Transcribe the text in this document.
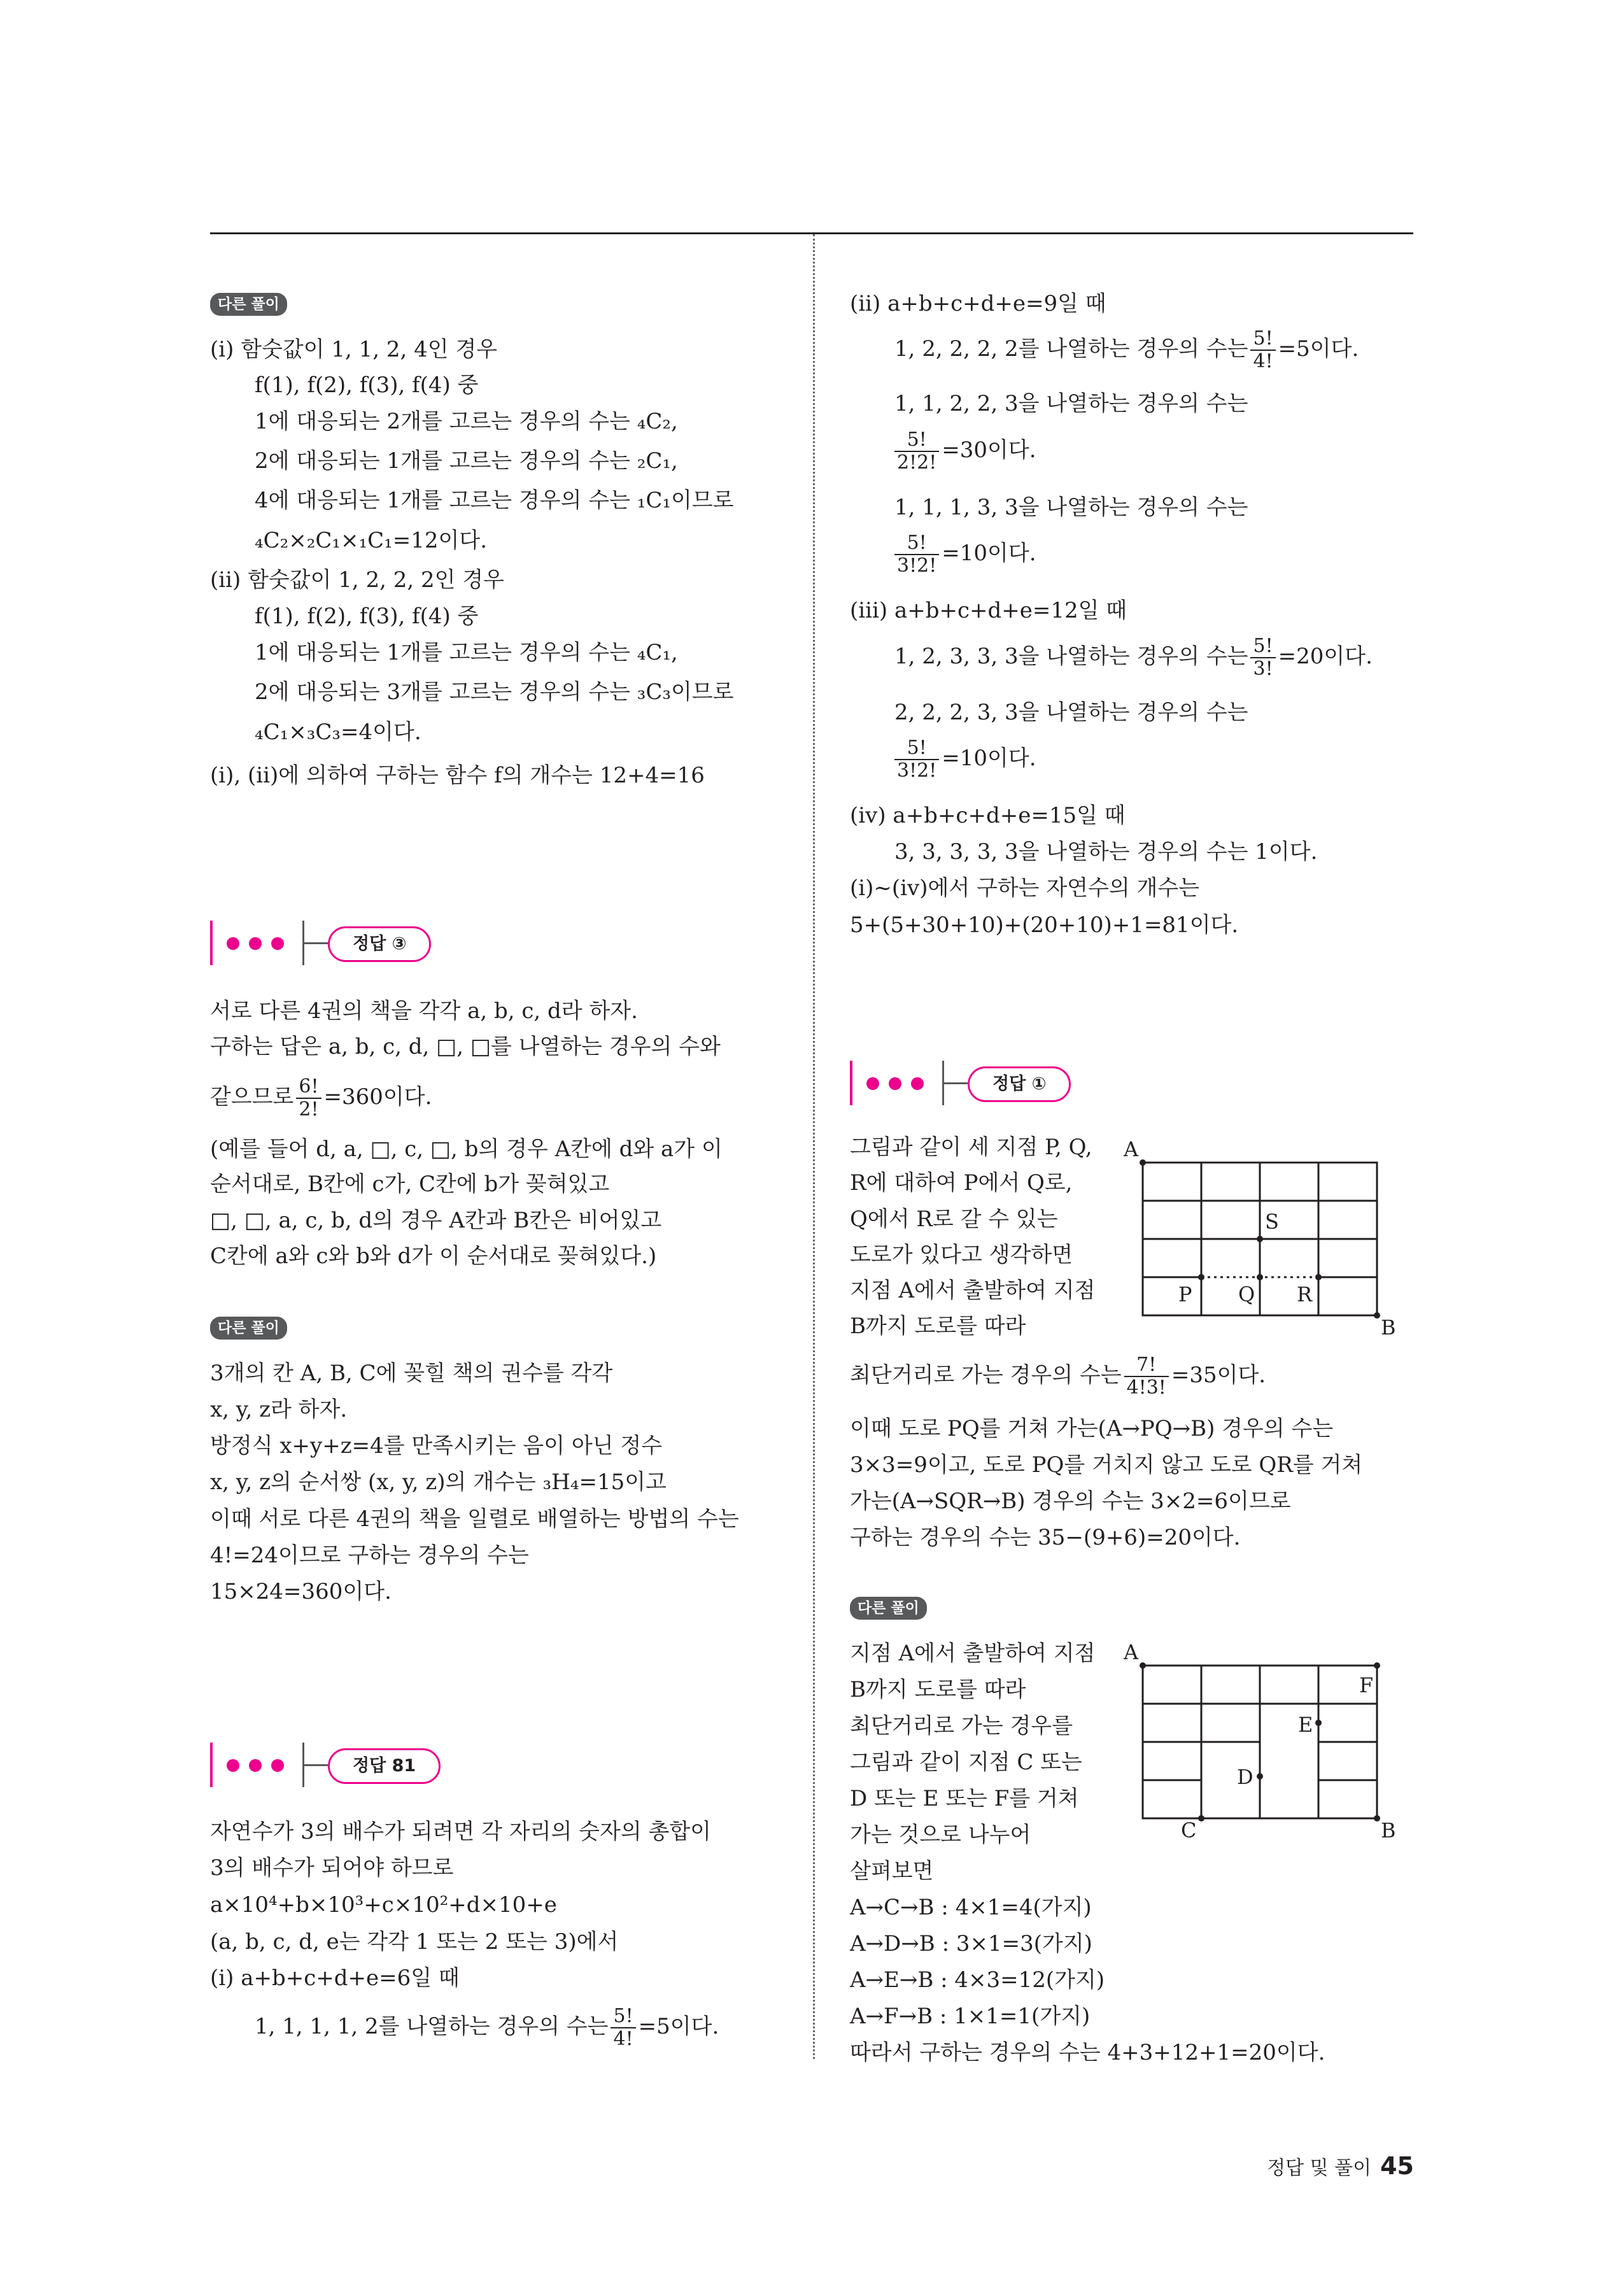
다른 풀이
(ⅰ) 함숫값이 1, 1, 2, 4인 경우
f(1), f(2), f(3), f(4) 중
1에 대응되는 2개를 고르는 경우의 수는 ₄C₂,
2에 대응되는 1개를 고르는 경우의 수는 ₂C₁,
4에 대응되는 1개를 고르는 경우의 수는 ₁C₁이므로
₄C₂×₂C₁×₁C₁=12이다.
(ⅱ) 함숫값이 1, 2, 2, 2인 경우
f(1), f(2), f(3), f(4) 중
1에 대응되는 1개를 고르는 경우의 수는 ₄C₁,
2에 대응되는 3개를 고르는 경우의 수는 ₃C₃이므로
₄C₁×₃C₃=4이다.
(ⅰ), (ⅱ)에 의하여 구하는 함수 f의 개수는 12+4=16
정답 ③
서로 다른 4권의 책을 각각 a, b, c, d라 하자.
구하는 답은 a, b, c, d, □, □를 나열하는 경우의 수와
같으므로 $\frac{6!}{2!} =360$이다.
(예를 들어 d, a, □, c, □, b의 경우 A칸에 d와 a가 이
순서대로, B칸에 c가, C칸에 b가 꽂혀있고
□, □, a, c, b, d의 경우 A칸과 B칸은 비어있고
C칸에 a와 c와 b와 d가 이 순서대로 꽂혀있다.)
다른 풀이
3개의 칸 A, B, C에 꽂힐 책의 권수를 각각
x, y, z라 하자.
방정식 x+y+z=4를 만족시키는 음이 아닌 정수
x, y, z의 순서쌍 (x, y, z)의 개수는 ₃H₄=15이고
이때 서로 다른 4권의 책을 일렬로 배열하는 방법의 수는
4!=24이므로 구하는 경우의 수는
15×24=360이다.
정답 81
자연수가 3의 배수가 되려면 각 자리의 숫자의 총합이
3의 배수가 되어야 하므로
a×10⁴+b×10³+c×10²+d×10+e
(a, b, c, d, e는 각각 1 또는 2 또는 3)에서
(ⅰ) a+b+c+d+e=6일 때
1, 1, 1, 1, 2를 나열하는 경우의 수는 $\frac{5!}{4!} =5$이다.
(ⅱ) a+b+c+d+e=9일 때
1, 2, 2, 2, 2를 나열하는 경우의 수는 $\frac{5!}{4!} =5$이다.
1, 1, 2, 2, 3을 나열하는 경우의 수는
$\frac{5!}{2!2!} =30$이다.
1, 1, 1, 3, 3을 나열하는 경우의 수는
$\frac{5!}{3!2!} =10$이다.
(ⅲ) a+b+c+d+e=12일 때
1, 2, 3, 3, 3을 나열하는 경우의 수는 $\frac{5!}{3!} =20$이다.
2, 2, 2, 3, 3을 나열하는 경우의 수는
$\frac{5!}{3!2!} =10$이다.
(ⅳ) a+b+c+d+e=15일 때
3, 3, 3, 3, 3을 나열하는 경우의 수는 1이다.
(ⅰ)~(ⅳ)에서 구하는 자연수의 개수는
5+(5+30+10)+(20+10)+1=81이다.
정답 ①
그림과 같이 세 지점 P, Q,
R에 대하여 P에서 Q로,
Q에서 R로 갈 수 있는
도로가 있다고 생각하면
지점 A에서 출발하여 지점
B까지 도로를 따라
A
B
S
P Q R
최단거리로 가는 경우의 수는 $\frac{7!}{4!3!} =35$이다.
이때 도로 PQ를 거쳐 가는(A→PQ→B) 경우의 수는
3×3=9이고, 도로 PQ를 거치지 않고 도로 QR를 거쳐
가는(A→SQR→B) 경우의 수는 3×2=6이므로
구하는 경우의 수는 35−(9+6)=20이다.
다른 풀이
지점 A에서 출발하여 지점
B까지 도로를 따라
최단거리로 가는 경우를
그림과 같이 지점 C 또는
D 또는 E 또는 F를 거쳐
가는 것으로 나누어
살펴보면
A
B
C
D
E
F
A→C→B : 4×1=4(가지)
A→D→B : 3×1=3(가지)
A→E→B : 4×3=12(가지)
A→F→B : 1×1=1(가지)
따라서 구하는 경우의 수는 4+3+12+1=20이다.
정답 및 풀이 45
